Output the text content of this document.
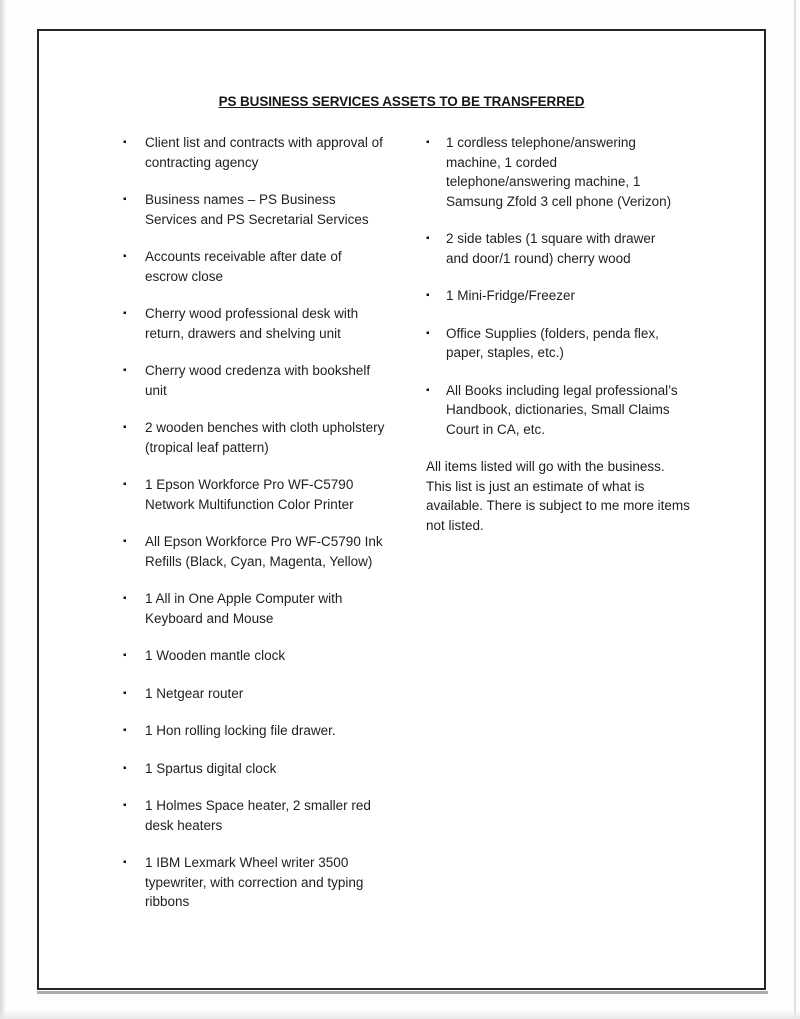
PS BUSINESS SERVICES ASSETS TO BE TRANSFERRED
▪	Client list and contracts with approval of contracting agency
▪	Business names – PS Business Services and PS Secretarial Services
▪	Accounts receivable after date of escrow close
▪	Cherry wood professional desk with return, drawers and shelving unit
▪	Cherry wood credenza with bookshelf unit
▪	2 wooden benches with cloth upholstery (tropical leaf pattern)
▪	1 Epson Workforce Pro WF-C5790 Network Multifunction Color Printer
▪	All Epson Workforce Pro WF-C5790 Ink Refills (Black, Cyan, Magenta, Yellow)
▪	1 All in One Apple Computer with Keyboard and Mouse
▪	1 Wooden mantle clock
▪	1 Netgear router
▪	1 Hon rolling locking file drawer.
▪	1 Spartus digital clock
▪	1 Holmes Space heater, 2 smaller red desk heaters
▪	1 IBM Lexmark Wheel writer 3500 typewriter, with correction and typing ribbons
▪	1 cordless telephone/answering machine, 1 corded telephone/answering machine, 1 Samsung Zfold 3 cell phone (Verizon)
▪	2 side tables (1 square with drawer and door/1 round) cherry wood
▪	1 Mini-Fridge/Freezer
▪	Office Supplies (folders, penda flex, paper, staples, etc.)
▪	All Books including legal professional’s Handbook, dictionaries, Small Claims Court in CA, etc.

All items listed will go with the business. This list is just an estimate of what is available. There is subject to me more items not listed.
